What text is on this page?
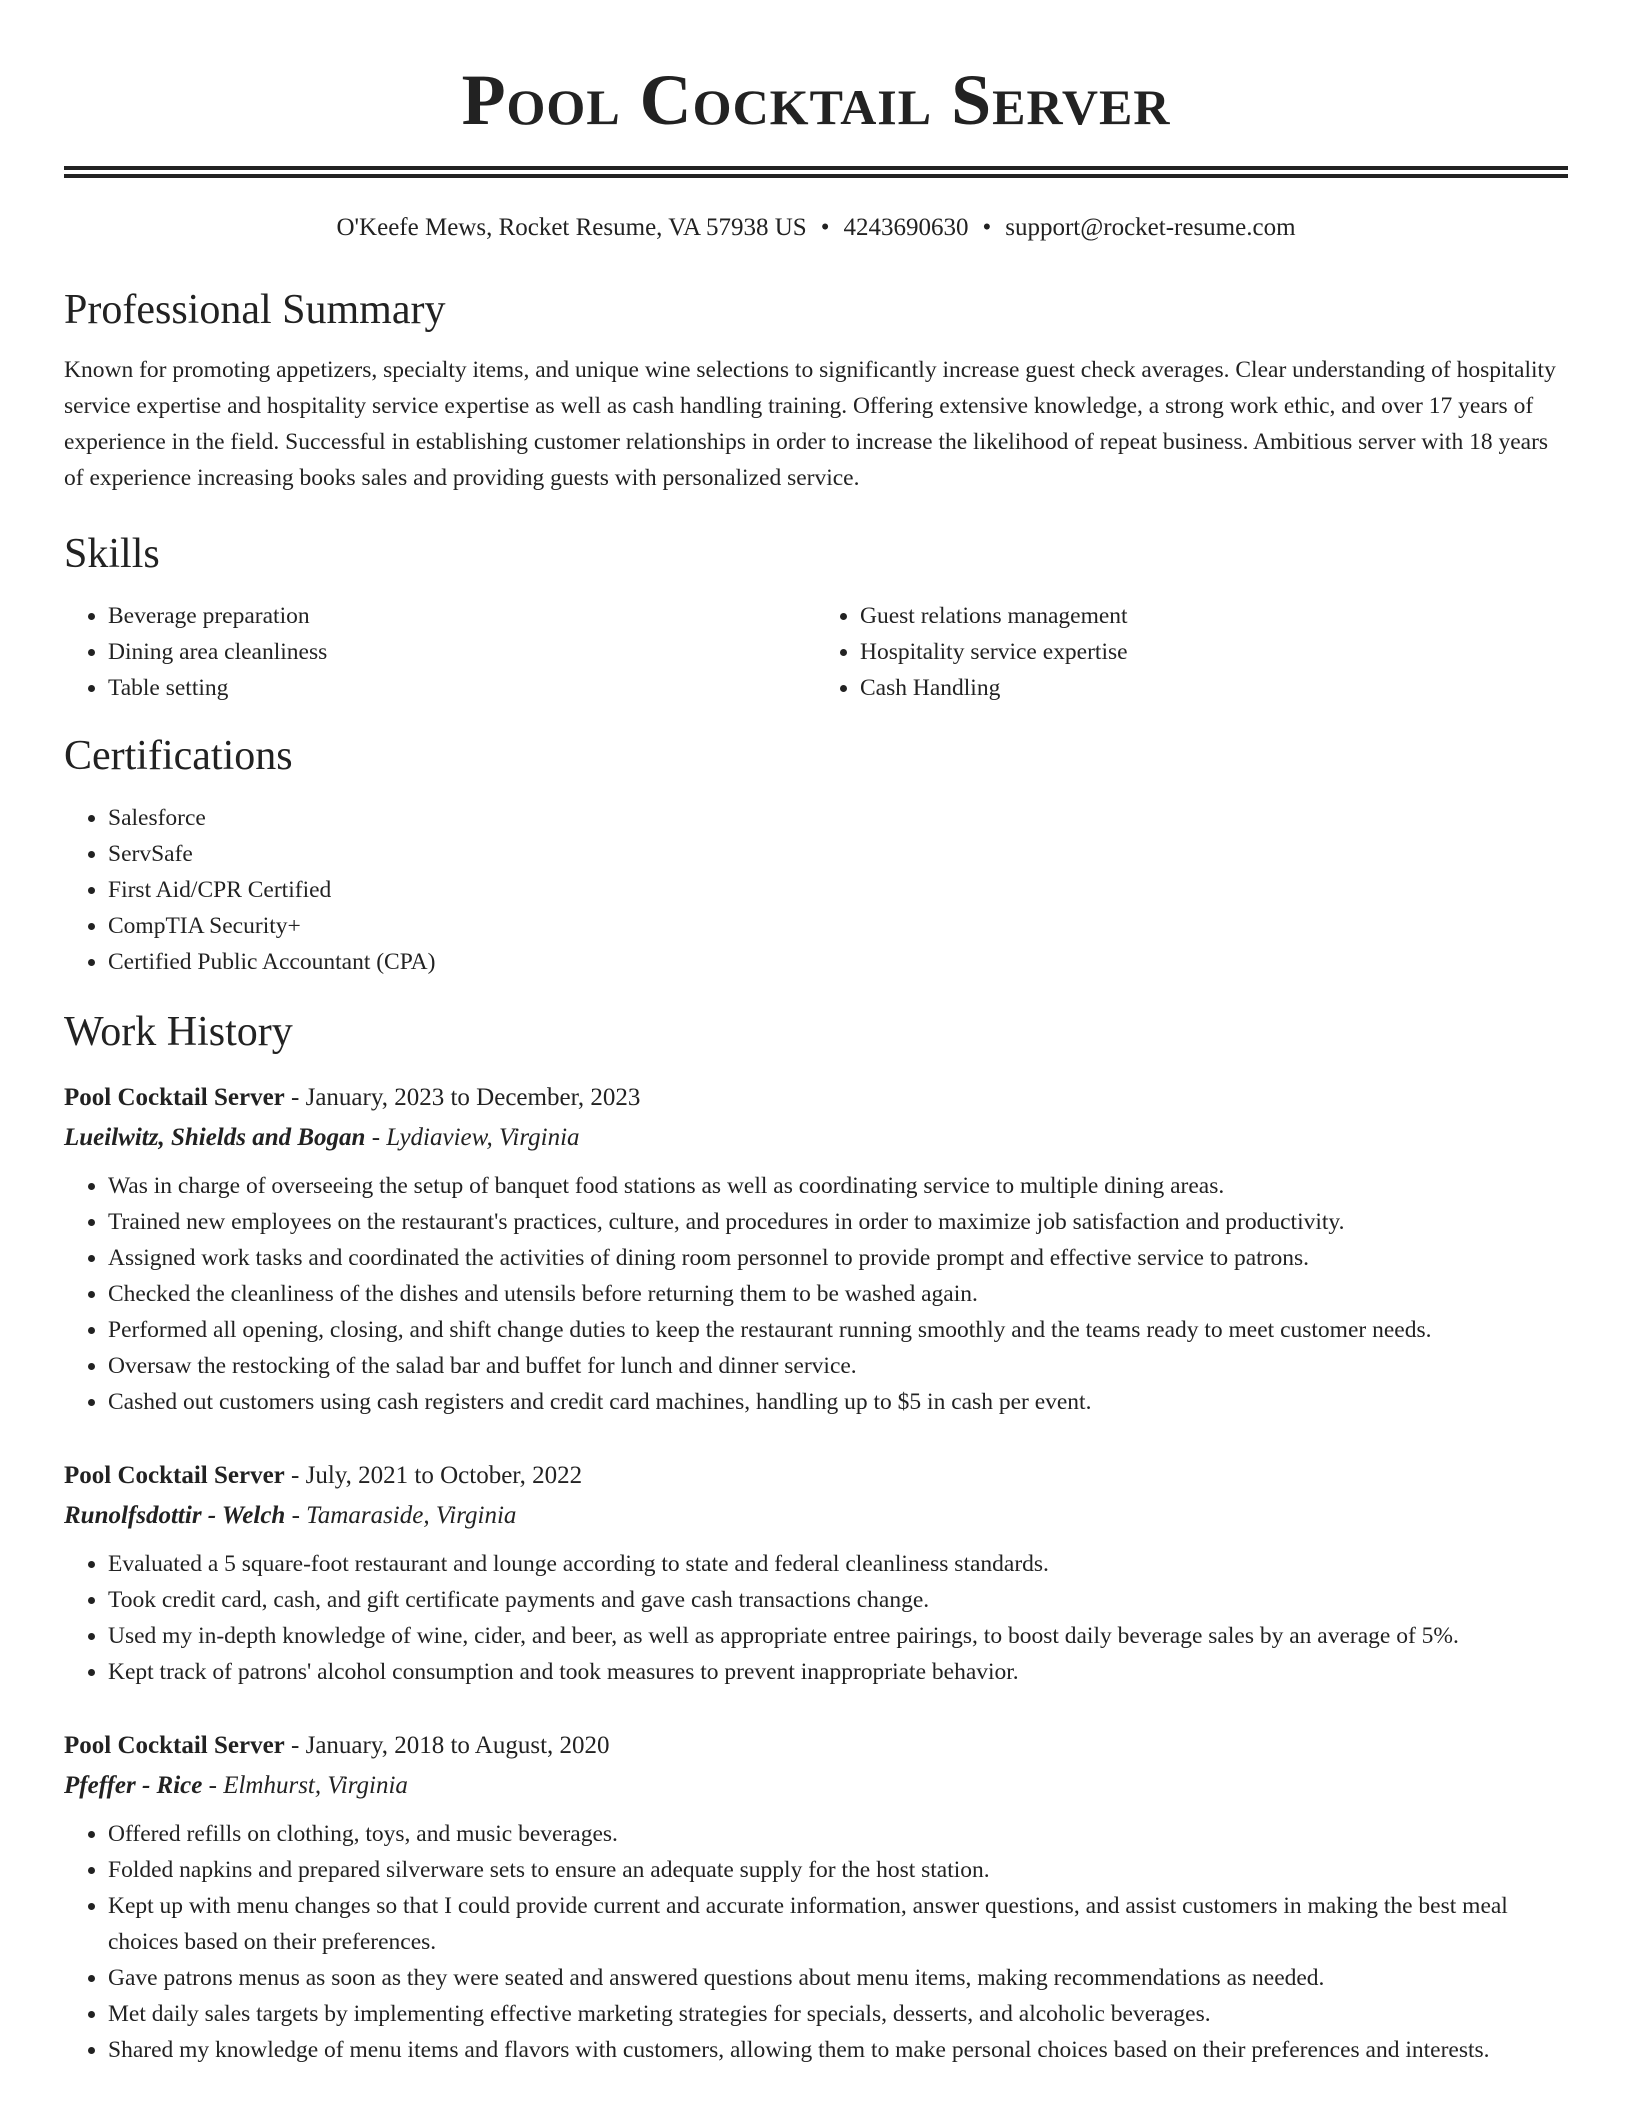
Pool Cocktail Server
O'Keefe Mews, Rocket Resume, VA 57938 US • 4243690630 • support@rocket-resume.com
Professional Summary
Known for promoting appetizers, specialty items, and unique wine selections to significantly increase guest check averages. Clear understanding of hospitality service expertise and hospitality service expertise as well as cash handling training. Offering extensive knowledge, a strong work ethic, and over 17 years of experience in the field. Successful in establishing customer relationships in order to increase the likelihood of repeat business. Ambitious server with 18 years of experience increasing books sales and providing guests with personalized service.
Skills
• Beverage preparation
• Dining area cleanliness
• Table setting
• Guest relations management
• Hospitality service expertise
• Cash Handling
Certifications
• Salesforce
• ServSafe
• First Aid/CPR Certified
• CompTIA Security+
• Certified Public Accountant (CPA)
Work History
Pool Cocktail Server - January, 2023 to December, 2023
Lueilwitz, Shields and Bogan - Lydiaview, Virginia
• Was in charge of overseeing the setup of banquet food stations as well as coordinating service to multiple dining areas.
• Trained new employees on the restaurant's practices, culture, and procedures in order to maximize job satisfaction and productivity.
• Assigned work tasks and coordinated the activities of dining room personnel to provide prompt and effective service to patrons.
• Checked the cleanliness of the dishes and utensils before returning them to be washed again.
• Performed all opening, closing, and shift change duties to keep the restaurant running smoothly and the teams ready to meet customer needs.
• Oversaw the restocking of the salad bar and buffet for lunch and dinner service.
• Cashed out customers using cash registers and credit card machines, handling up to $5 in cash per event.
Pool Cocktail Server - July, 2021 to October, 2022
Runolfsdottir - Welch - Tamaraside, Virginia
• Evaluated a 5 square-foot restaurant and lounge according to state and federal cleanliness standards.
• Took credit card, cash, and gift certificate payments and gave cash transactions change.
• Used my in-depth knowledge of wine, cider, and beer, as well as appropriate entree pairings, to boost daily beverage sales by an average of 5%.
• Kept track of patrons' alcohol consumption and took measures to prevent inappropriate behavior.
Pool Cocktail Server - January, 2018 to August, 2020
Pfeffer - Rice - Elmhurst, Virginia
• Offered refills on clothing, toys, and music beverages.
• Folded napkins and prepared silverware sets to ensure an adequate supply for the host station.
• Kept up with menu changes so that I could provide current and accurate information, answer questions, and assist customers in making the best meal choices based on their preferences.
• Gave patrons menus as soon as they were seated and answered questions about menu items, making recommendations as needed.
• Met daily sales targets by implementing effective marketing strategies for specials, desserts, and alcoholic beverages.
• Shared my knowledge of menu items and flavors with customers, allowing them to make personal choices based on their preferences and interests.
